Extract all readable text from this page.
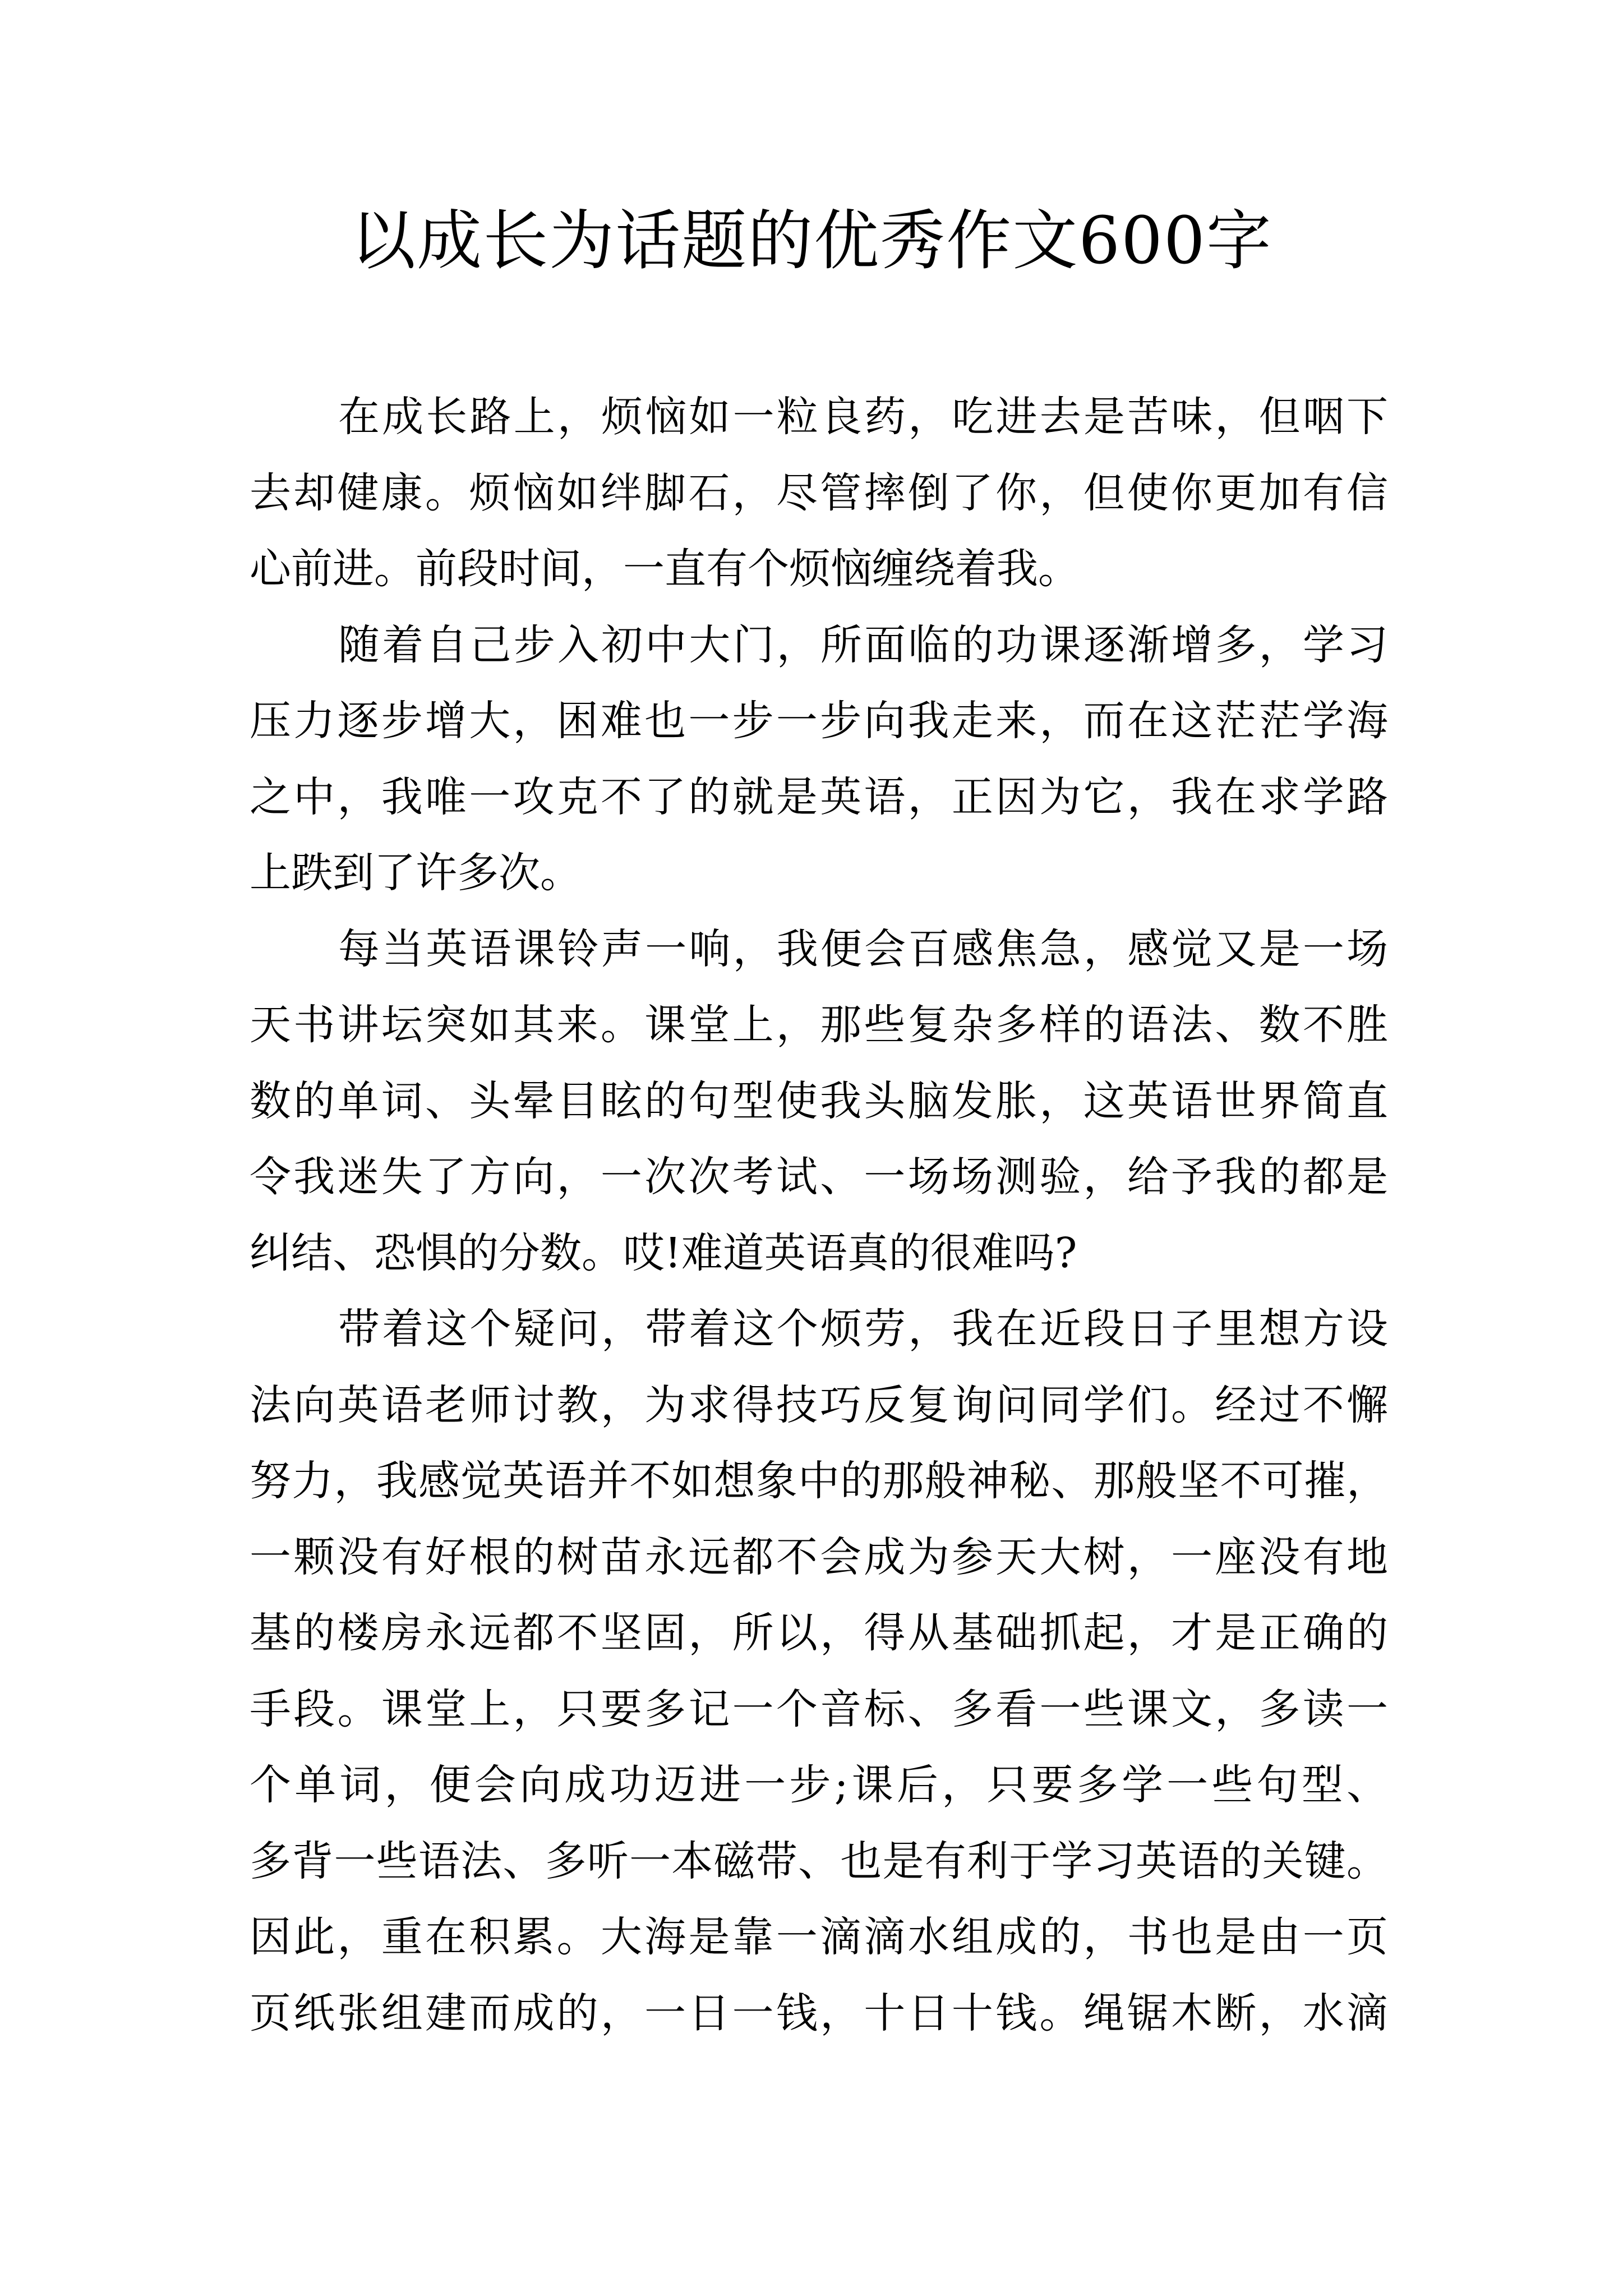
以成长为话题的优秀作文600字
在成长路上，烦恼如一粒良药，吃进去是苦味，但咽下
去却健康。烦恼如绊脚石，尽管摔倒了你，但使你更加有信
心前进。前段时间，一直有个烦恼缠绕着我。
随着自己步入初中大门，所面临的功课逐渐增多，学习
压力逐步增大，困难也一步一步向我走来，而在这茫茫学海
之中，我唯一攻克不了的就是英语，正因为它，我在求学路
上跌到了许多次。
每当英语课铃声一响，我便会百感焦急，感觉又是一场
天书讲坛突如其来。课堂上，那些复杂多样的语法、数不胜
数的单词、头晕目眩的句型使我头脑发胀，这英语世界简直
令我迷失了方向，一次次考试、一场场测验，给予我的都是
纠结、恐惧的分数。哎!难道英语真的很难吗?
带着这个疑问，带着这个烦劳，我在近段日子里想方设
法向英语老师讨教，为求得技巧反复询问同学们。经过不懈
努力，我感觉英语并不如想象中的那般神秘、那般坚不可摧，
一颗没有好根的树苗永远都不会成为参天大树，一座没有地
基的楼房永远都不坚固，所以，得从基础抓起，才是正确的
手段。课堂上，只要多记一个音标、多看一些课文，多读一
个单词，便会向成功迈进一步;课后，只要多学一些句型、
多背一些语法、多听一本磁带、也是有利于学习英语的关键。
因此，重在积累。大海是靠一滴滴水组成的，书也是由一页
页纸张组建而成的，一日一钱，十日十钱。绳锯木断，水滴
